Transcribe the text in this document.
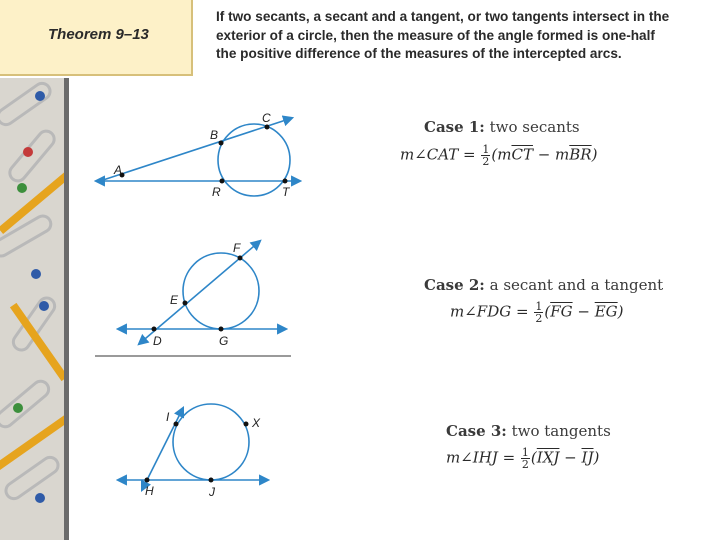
Theorem 9–13
If two secants, a secant and a tangent, or two tangents intersect in the
exterior of a circle, then the measure of the angle formed is one-half
the positive difference of the measures of the intercepted arcs.
A
B
C
R	T
D
E
F
G
H
I
J
X
Case 1: two secants
m∠CAT = $\frac{1}{2} (m\overline{CT} - m\overline{BR})$
Case 2: a secant and a tangent
m∠FDG = $\frac{1}{2} (\overline{FG} - \overline{EG})$
Case 3: two tangents
m∠IHJ = $\frac{1}{2} (\overline{IXJ} - \overline{IJ})$
